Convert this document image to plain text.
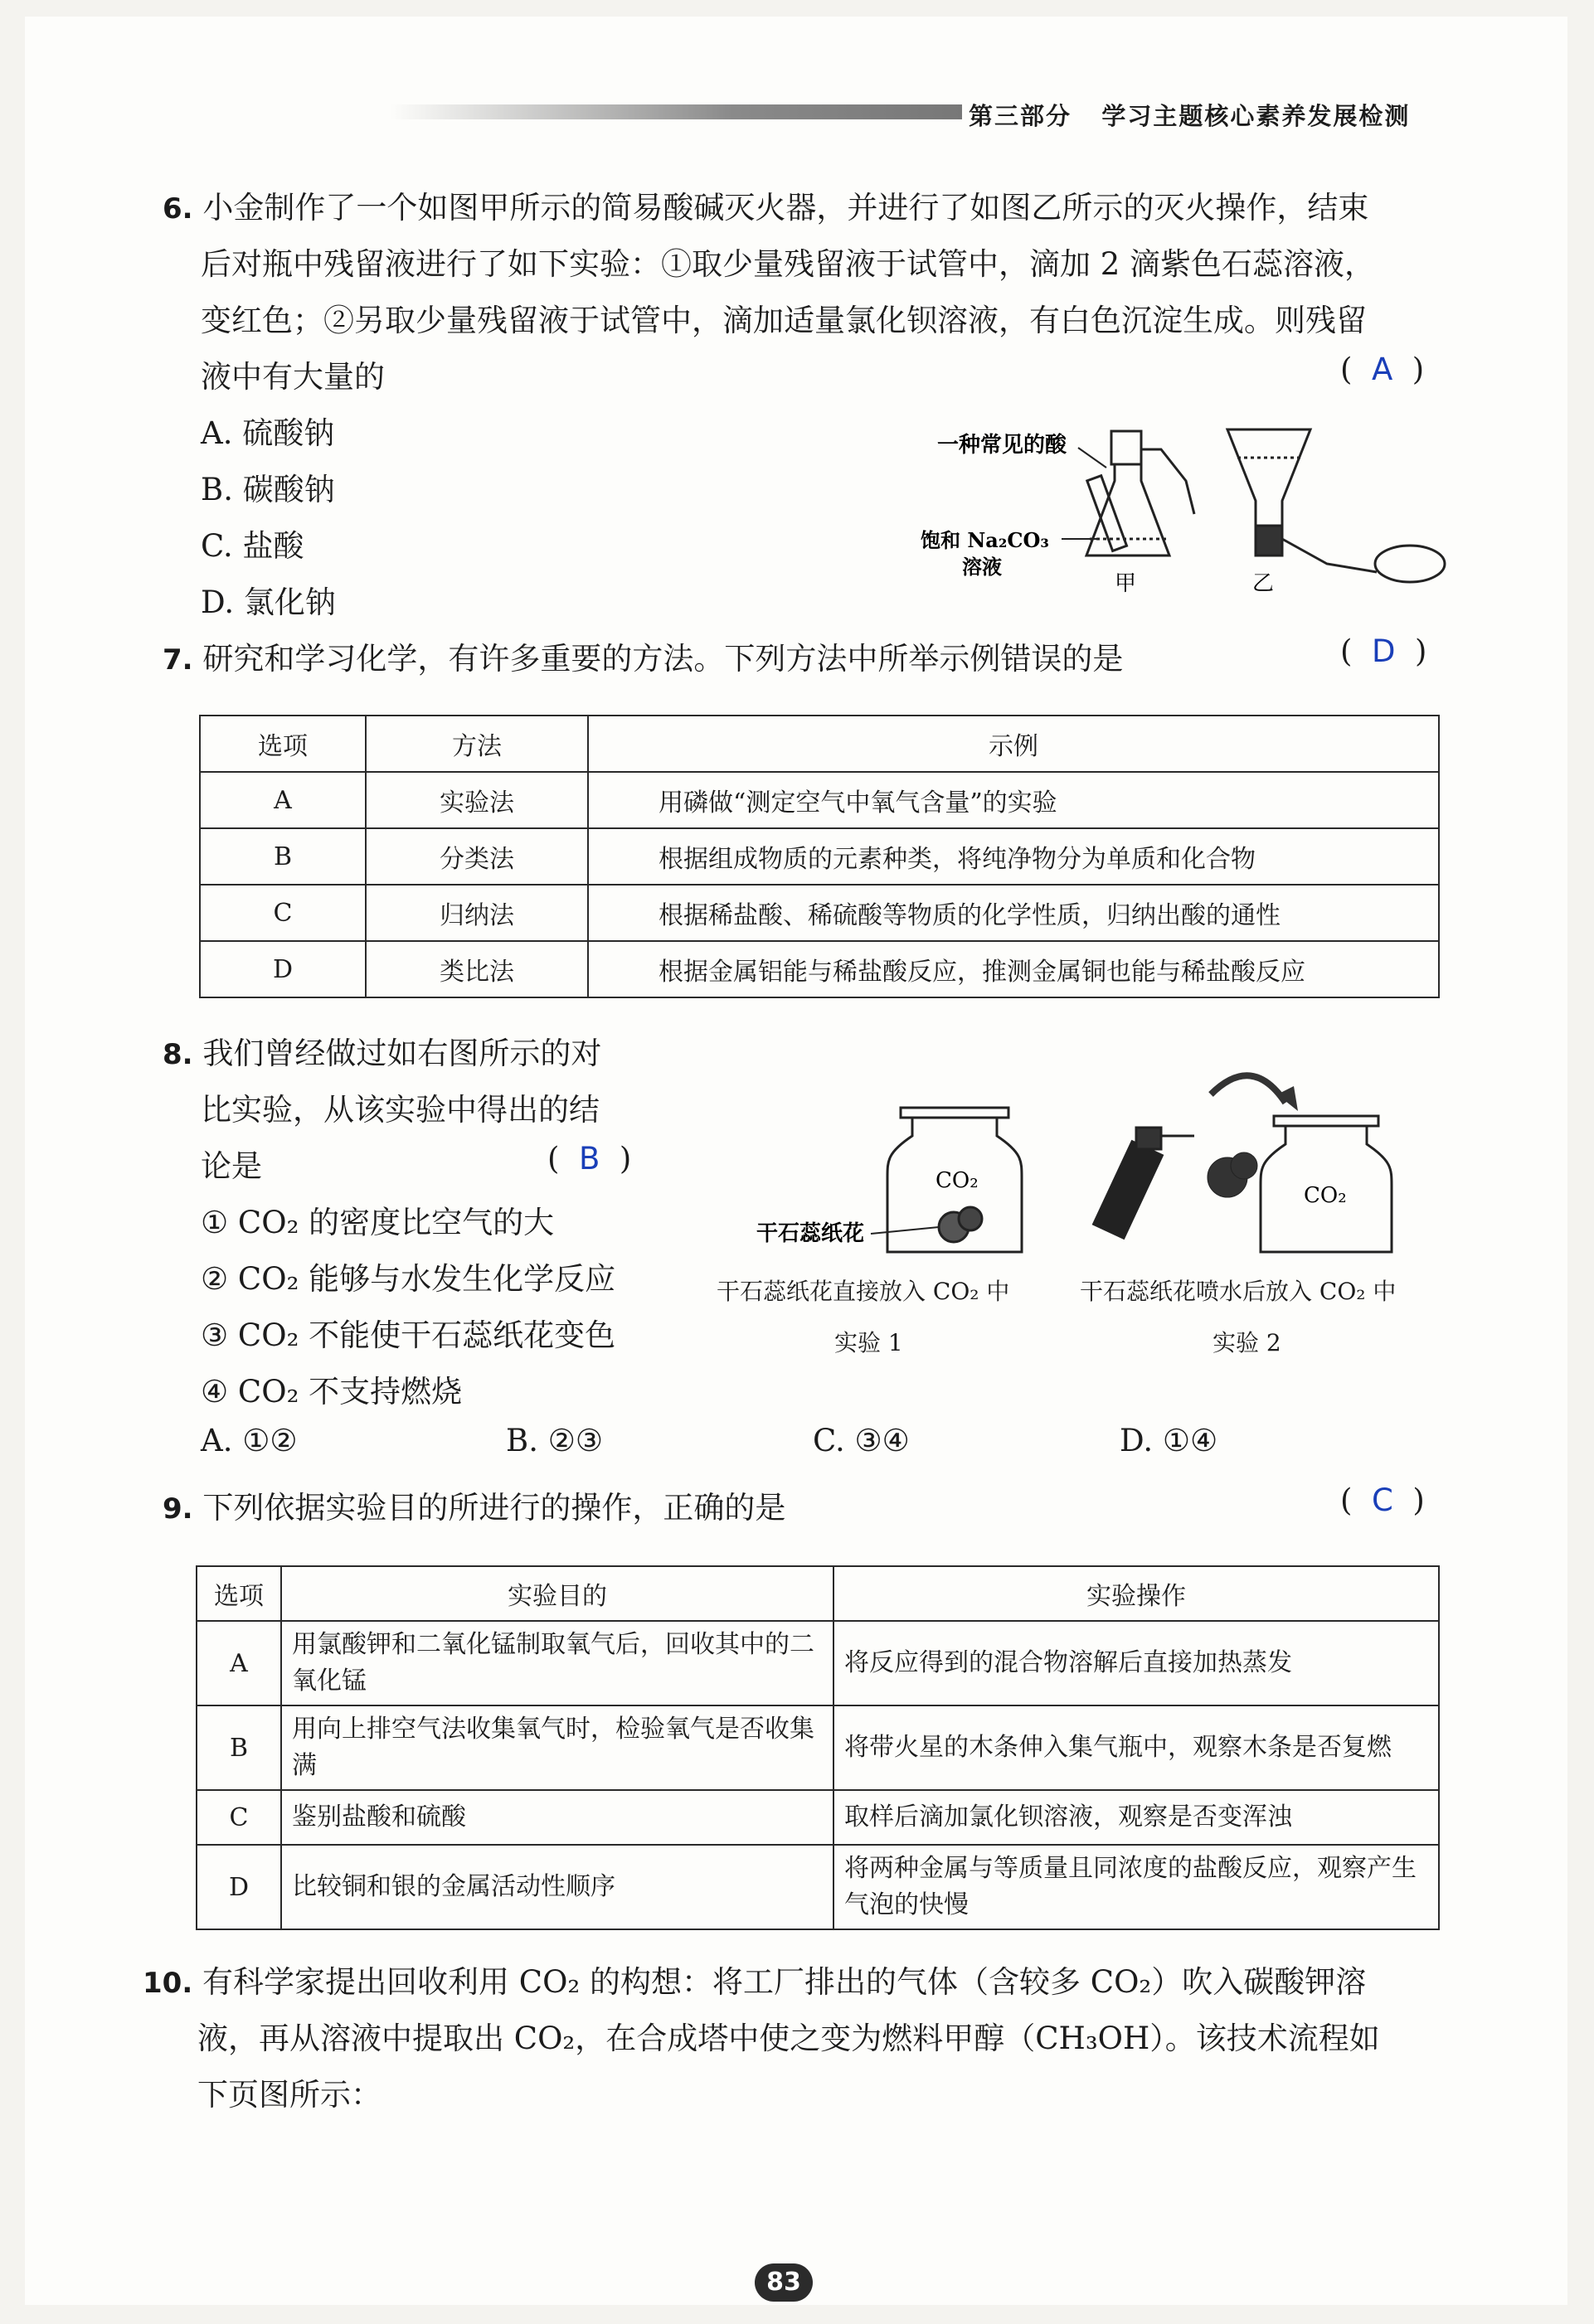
第三部分 学习主题核心素养发展检测
6. 小金制作了一个如图甲所示的简易酸碱灭火器，并进行了如图乙所示的灭火操作，结束
后对瓶中残留液进行了如下实验：①取少量残留液于试管中，滴加 2 滴紫色石蕊溶液，
变红色；②另取少量残留液于试管中，滴加适量氯化钡溶液，有白色沉淀生成。则残留
液中有大量的	(  A  )
A. 硫酸钠
B. 碳酸钠
C. 盐酸
D. 氯化钠
一种常见的酸
饱和 Na₂CO₃
溶液
甲	乙
7. 研究和学习化学，有许多重要的方法。下列方法中所举示例错误的是	(  D  )
选项	方法	示例
A	实验法	用磷做“测定空气中氧气含量”的实验
B	分类法	根据组成物质的元素种类，将纯净物分为单质和化合物
C	归纳法	根据稀盐酸、稀硫酸等物质的化学性质，归纳出酸的通性
D	类比法	根据金属铝能与稀盐酸反应，推测金属铜也能与稀盐酸反应
8. 我们曾经做过如右图所示的对
比实验，从该实验中得出的结
论是	(  B  )
① CO₂ 的密度比空气的大
② CO₂ 能够与水发生化学反应
③ CO₂ 不能使干石蕊纸花变色
④ CO₂ 不支持燃烧
A. ①②	B. ②③	C. ③④	D. ①④
CO₂
干石蕊纸花
CO₂
干石蕊纸花直接放入 CO₂ 中
实验 1
干石蕊纸花喷水后放入 CO₂ 中
实验 2
9. 下列依据实验目的所进行的操作，正确的是	(  C  )
选项	实验目的	实验操作
A	用氯酸钾和二氧化锰制取氧气后，回收其中的二氧化锰	将反应得到的混合物溶解后直接加热蒸发
B	用向上排空气法收集氧气时，检验氧气是否收集满	将带火星的木条伸入集气瓶中，观察木条是否复燃
C	鉴别盐酸和硫酸	取样后滴加氯化钡溶液，观察是否变浑浊
D	比较铜和银的金属活动性顺序	将两种金属与等质量且同浓度的盐酸反应，观察产生气泡的快慢
10. 有科学家提出回收利用 CO₂ 的构想：将工厂排出的气体（含较多 CO₂）吹入碳酸钾溶
液，再从溶液中提取出 CO₂，在合成塔中使之变为燃料甲醇（CH₃OH）。该技术流程如
下页图所示：
83
